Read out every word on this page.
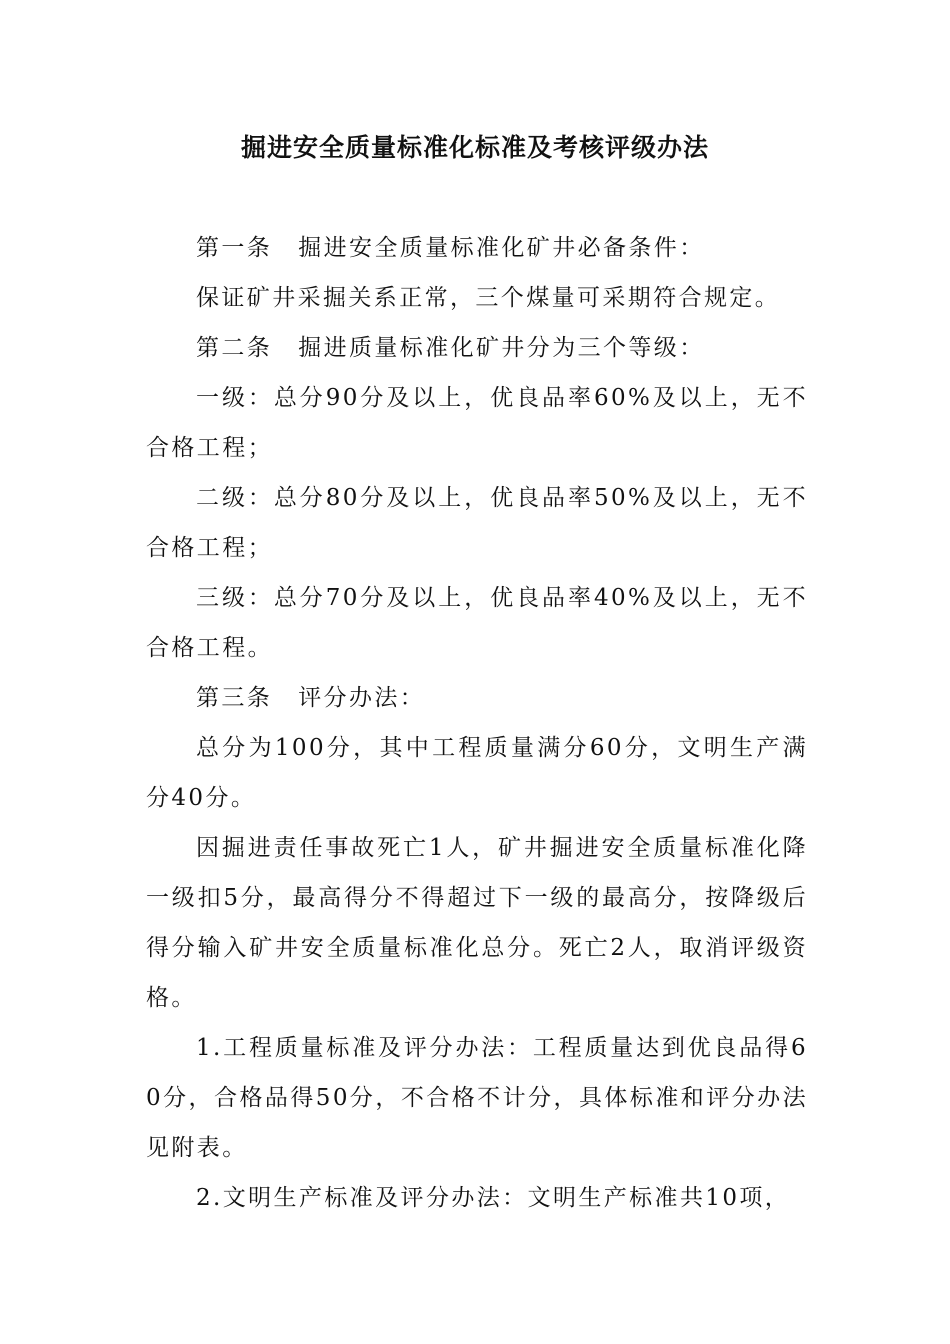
掘进安全质量标准化标准及考核评级办法

第一条 掘进安全质量标准化矿井必备条件：

保证矿井采掘关系正常，三个煤量可采期符合规定。

第二条 掘进质量标准化矿井分为三个等级：

一级：总分90分及以上，优良品率60%及以上，无不合格工程；

二级：总分80分及以上，优良品率50%及以上，无不合格工程；

三级：总分70分及以上，优良品率40%及以上，无不合格工程。

第三条 评分办法：

总分为100分，其中工程质量满分60分，文明生产满分40分。

因掘进责任事故死亡1人，矿井掘进安全质量标准化降一级扣5分，最高得分不得超过下一级的最高分，按降级后得分输入矿井安全质量标准化总分。死亡2人，取消评级资格。

1.工程质量标准及评分办法：工程质量达到优良品得60分，合格品得50分，不合格不计分，具体标准和评分办法见附表。

2.文明生产标准及评分办法：文明生产标准共10项，
